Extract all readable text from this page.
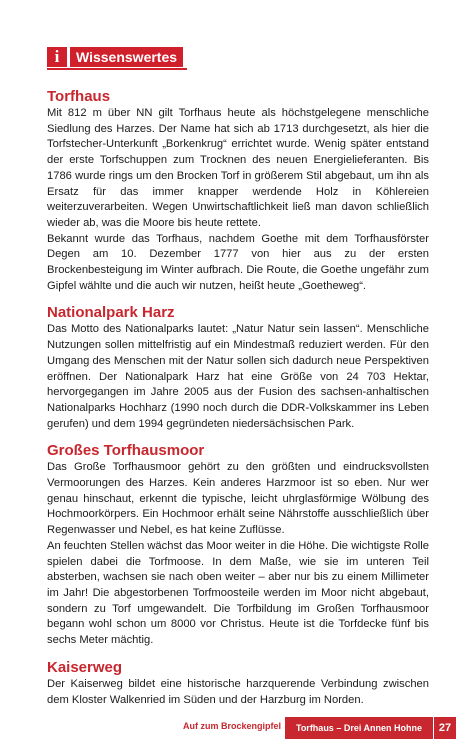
i	Wissenswertes
Torfhaus

Mit 812 m über NN gilt Torfhaus heute als höchstgelegene menschliche Siedlung des Harzes. Der Name hat sich ab 1713 durchgesetzt, als hier die Torfstecher-Unterkunft „Borkenkrug“ errichtet wurde. Wenig später entstand der erste Torfschuppen zum Trocknen des neuen Energielieferanten. Bis 1786 wurde rings um den Brocken Torf in größerem Stil abgebaut, um ihn als Ersatz für das immer knapper werdende Holz in Köhlereien weiterzuverarbeiten. Wegen Unwirtschaftlichkeit ließ man davon schließlich wieder ab, was die Moore bis heute rettete.

Bekannt wurde das Torfhaus, nachdem Goethe mit dem Torfhausförster Degen am 10. Dezember 1777 von hier aus zu der ersten Brockenbesteigung im Winter aufbrach. Die Route, die Goethe ungefähr zum Gipfel wählte und die auch wir nutzen, heißt heute „Goetheweg“.

Nationalpark Harz

Das Motto des Nationalparks lautet: „Natur Natur sein lassen“. Menschliche Nutzungen sollen mittelfristig auf ein Mindestmaß reduziert werden. Für den Umgang des Menschen mit der Natur sollen sich dadurch neue Perspektiven eröffnen. Der Nationalpark Harz hat eine Größe von 24 703 Hektar, hervorgegangen im Jahre 2005 aus der Fusion des sachsen-anhaltischen Nationalparks Hochharz (1990 noch durch die DDR-Volkskammer ins Leben gerufen) und dem 1994 gegründeten niedersächsischen Park.

Großes Torfhausmoor

Das Große Torfhausmoor gehört zu den größten und eindrucksvollsten Vermoorungen des Harzes. Kein anderes Harzmoor ist so eben. Nur wer genau hinschaut, erkennt die typische, leicht uhrglasförmige Wölbung des Hochmoorkörpers. Ein Hochmoor erhält seine Nährstoffe ausschließlich über Regenwasser und Nebel, es hat keine Zuflüsse.

An feuchten Stellen wächst das Moor weiter in die Höhe. Die wichtigste Rolle spielen dabei die Torfmoose. In dem Maße, wie sie im unteren Teil absterben, wachsen sie nach oben weiter – aber nur bis zu einem Millimeter im Jahr! Die abgestorbenen Torfmoosteile werden im Moor nicht abgebaut, sondern zu Torf umgewandelt. Die Torfbildung im Großen Torfhausmoor begann wohl schon um 8000 vor Christus. Heute ist die Torfdecke fünf bis sechs Meter mächtig.

Kaiserweg

Der Kaiserweg bildet eine historische harzquerende Verbindung zwischen dem Kloster Walkenried im Süden und der Harzburg im Norden.

Auf zum Brockengipfel	Torfhaus – Drei Annen Hohne	27
